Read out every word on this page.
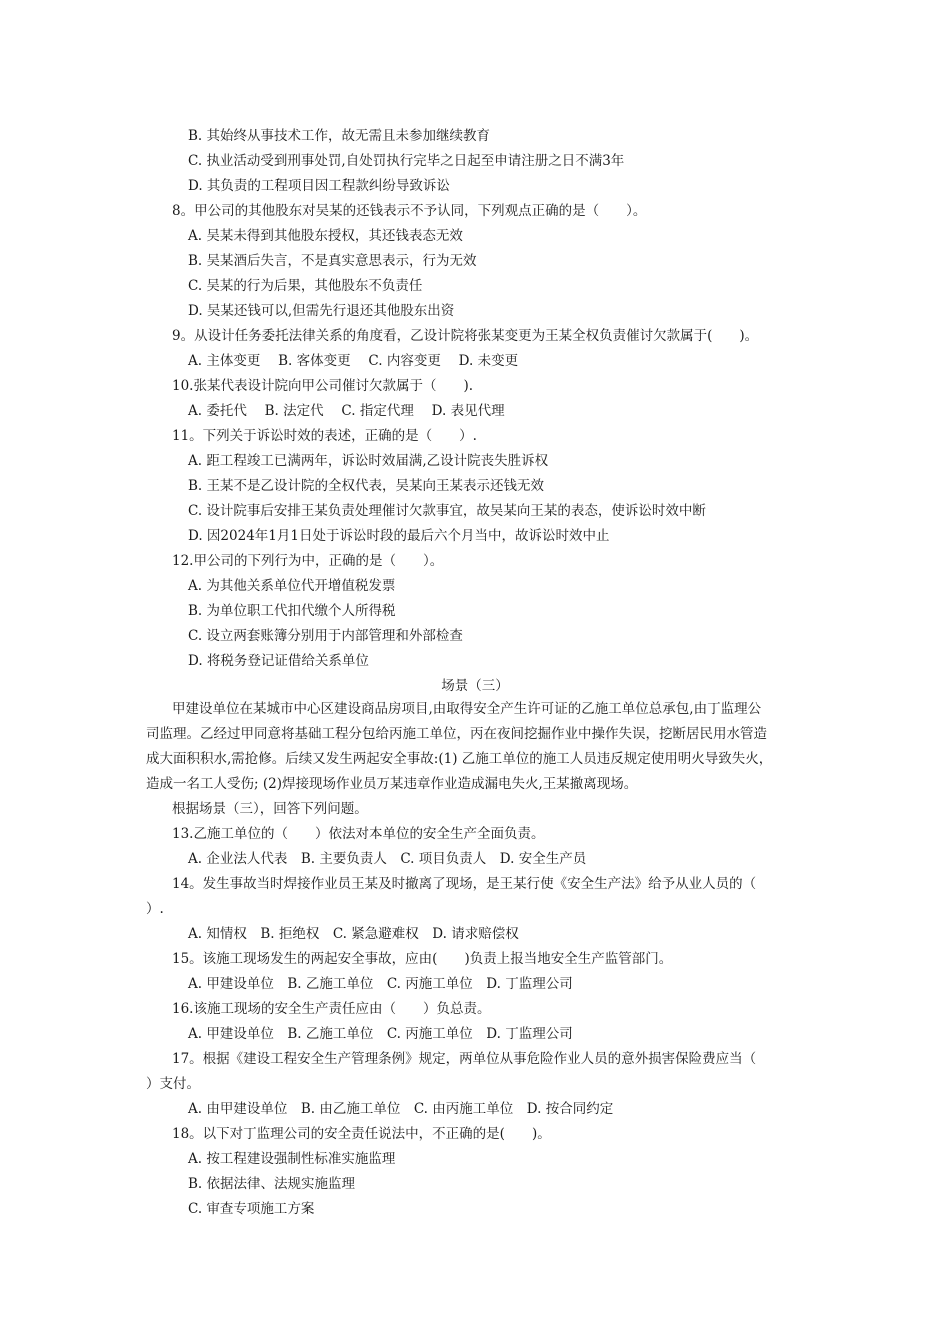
B. 其始终从事技术工作，故无需且未参加继续教育
C. 执业活动受到刑事处罚,自处罚执行完毕之日起至申请注册之日不满3年
D. 其负责的工程项目因工程款纠纷导致诉讼
8。甲公司的其他股东对吴某的还钱表示不予认同，下列观点正确的是（　　）。
A. 吴某未得到其他股东授权，其还钱表态无效
B. 吴某酒后失言，不是真实意思表示，行为无效
C. 吴某的行为后果，其他股东不负责任
D. 吴某还钱可以,但需先行退还其他股东出资
9。从设计任务委托法律关系的角度看，乙设计院将张某变更为王某全权负责催讨欠款属于(　　)。
A. 主体变更　 B. 客体变更　 C. 内容变更　 D. 未变更
10.张某代表设计院向甲公司催讨欠款属于（　　).
A. 委托代　 B. 法定代　 C. 指定代理　 D. 表见代理
11。下列关于诉讼时效的表述，正确的是（　　）.
A. 距工程竣工已满两年，诉讼时效届满,乙设计院丧失胜诉权
B. 王某不是乙设计院的全权代表，吴某向王某表示还钱无效
C. 设计院事后安排王某负责处理催讨欠款事宜，故吴某向王某的表态，使诉讼时效中断
D. 因2024年1月1日处于诉讼时段的最后六个月当中，故诉讼时效中止
12.甲公司的下列行为中，正确的是（　　）。
A. 为其他关系单位代开增值税发票
B. 为单位职工代扣代缴个人所得税
C. 设立两套账簿分别用于内部管理和外部检查
D. 将税务登记证借给关系单位
场景（三）
甲建设单位在某城市中心区建设商品房项目,由取得安全产生许可证的乙施工单位总承包,由丁监理公
司监理。乙经过甲同意将基础工程分包给丙施工单位，丙在夜间挖掘作业中操作失误，挖断居民用水管造
成大面积积水,需抢修。后续又发生两起安全事故:(1) 乙施工单位的施工人员违反规定使用明火导致失火，
造成一名工人受伤; (2)焊接现场作业员万某违章作业造成漏电失火,王某撤离现场。
根据场景（三），回答下列问题。
13.乙施工单位的（　　）依法对本单位的安全生产全面负责。
A. 企业法人代表　B. 主要负责人　C. 项目负责人　D. 安全生产员
14。发生事故当时焊接作业员王某及时撤离了现场，是王某行使《安全生产法》给予从业人员的（
）.
A. 知情权　B. 拒绝权　C. 紧急避难权　D. 请求赔偿权
15。该施工现场发生的两起安全事故，应由(　　)负责上报当地安全生产监管部门。
A. 甲建设单位　B. 乙施工单位　C. 丙施工单位　D. 丁监理公司
16.该施工现场的安全生产责任应由（　　）负总责。
A. 甲建设单位　B. 乙施工单位　C. 丙施工单位　D. 丁监理公司
17。根据《建设工程安全生产管理条例》规定，两单位从事危险作业人员的意外损害保险费应当（
）支付。
A. 由甲建设单位　B. 由乙施工单位　C. 由丙施工单位　D. 按合同约定
18。以下对丁监理公司的安全责任说法中，不正确的是(　　)。
A. 按工程建设强制性标准实施监理
B. 依据法律、法规实施监理
C. 审查专项施工方案
